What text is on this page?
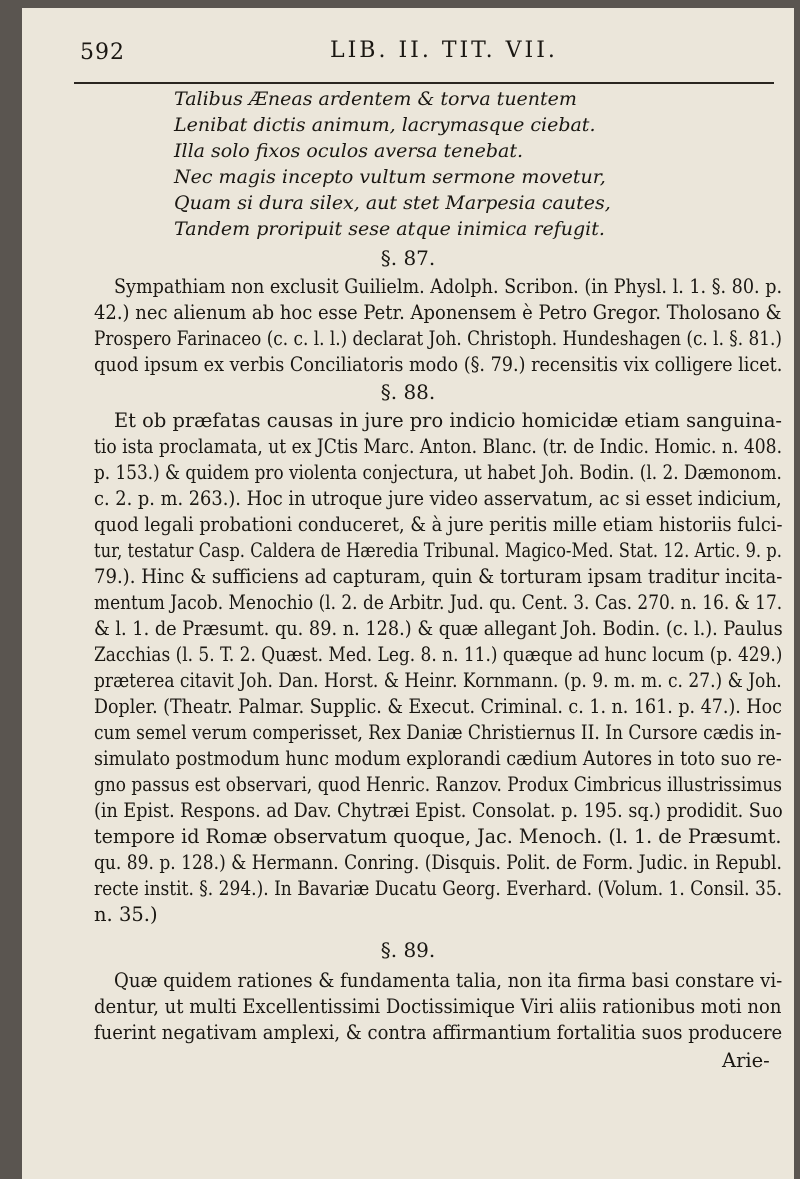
592	LIB. II. TIT. VII.
Talibus Æneas ardentem & torva tuentem
Lenibat dictis animum, lacrymasque ciebat.
Illa solo fixos oculos aversa tenebat.
Nec magis incepto vultum sermone movetur,
Quam si dura silex, aut stet Marpesia cautes,
Tandem proripuit sese atque inimica refugit.
§. 87.
Sympathiam non exclusit Guilielm. Adolph. Scribon. (in Physl. l. 1. §. 80. p.
42.) nec alienum ab hoc esse Petr. Aponensem è Petro Gregor. Tholosano &
Prospero Farinaceo (c. c. l. l.) declarat Joh. Christoph. Hundeshagen (c. l. §. 81.)
quod ipsum ex verbis Conciliatoris modo (§. 79.) recensitis vix colligere licet.
§. 88.
Et ob præfatas causas in jure pro indicio homicidæ etiam sanguina-
tio ista proclamata, ut ex JCtis Marc. Anton. Blanc. (tr. de Indic. Homic. n. 408.
p. 153.) & quidem pro violenta conjectura, ut habet Joh. Bodin. (l. 2. Dæmonom.
c. 2. p. m. 263.). Hoc in utroque jure video asservatum, ac si esset indicium,
quod legali probationi conduceret, & à jure peritis mille etiam historiis fulci-
tur, testatur Casp. Caldera de Hæredia Tribunal. Magico-Med. Stat. 12. Artic. 9. p.
79.). Hinc & sufficiens ad capturam, quin & torturam ipsam traditur incita-
mentum Jacob. Menochio (l. 2. de Arbitr. Jud. qu. Cent. 3. Cas. 270. n. 16. & 17.
& l. 1. de Præsumt. qu. 89. n. 128.) & quæ allegant Joh. Bodin. (c. l.). Paulus
Zacchias (l. 5. T. 2. Quæst. Med. Leg. 8. n. 11.) quæque ad hunc locum (p. 429.)
præterea citavit Joh. Dan. Horst. & Heinr. Kornmann. (p. 9. m. m. c. 27.) & Joh.
Dopler. (Theatr. Palmar. Supplic. & Execut. Criminal. c. 1. n. 161. p. 47.). Hoc
cum semel verum comperisset, Rex Daniæ Christiernus II. In Cursore cædis in-
simulato postmodum hunc modum explorandi cædium Autores in toto suo re-
gno passus est observari, quod Henric. Ranzov. Produx Cimbricus illustrissimus
(in Epist. Respons. ad Dav. Chytræi Epist. Consolat. p. 195. sq.) prodidit. Suo
tempore id Romæ observatum quoque, Jac. Menoch. (l. 1. de Præsumt.
qu. 89. p. 128.) & Hermann. Conring. (Disquis. Polit. de Form. Judic. in Republ.
recte instit. §. 294.). In Bavariæ Ducatu Georg. Everhard. (Volum. 1. Consil. 35.
n. 35.)
§. 89.
Quæ quidem rationes & fundamenta talia, non ita firma basi constare vi-
dentur, ut multi Excellentissimi Doctissimique Viri aliis rationibus moti non
fuerint negativam amplexi, & contra affirmantium fortalitia suos producere
Arie-
